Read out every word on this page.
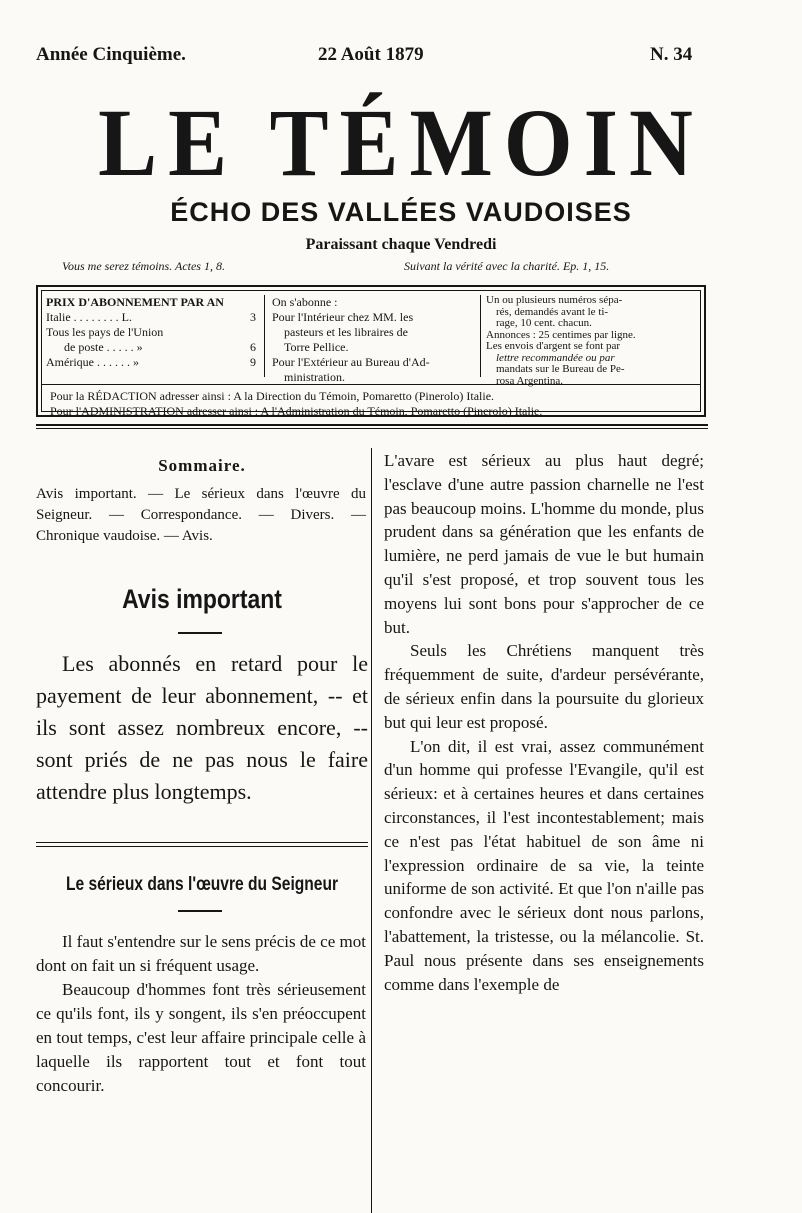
Année Cinquième.	22 Août 1879	N. 34
LE TÉMOIN
ÉCHO DES VALLÉES VAUDOISES
Paraissant chaque Vendredi
Vous me serez témoins. Actes 1, 8.	Suivant la vérité avec la charité. Ep. 1, 15.
PRIX D'ABONNEMENT PAR AN
Italie . . . . . . . . L.	3
Tous les pays de l'Union
de poste . . . . . »	6
Amérique . . . . . . »	9
On s'abonne :
Pour l'Intérieur chez MM. les
pasteurs et les libraires de
Torre Pellice.
Pour l'Extérieur au Bureau d'Ad-
ministration.
Un ou plusieurs numéros sépa-
rés, demandés avant le ti-
rage, 10 cent. chacun.
Annonces : 25 centimes par ligne.
Les envois d'argent se font par
lettre recommandée ou par
mandats sur le Bureau de Pe-
rosa Argentina.
Pour la RÉDACTION adresser ainsi : A la Direction du Témoin, Pomaretto (Pinerolo) Italie.
Pour l'ADMINISTRATION adresser ainsi : A l'Administration du Témoin, Pomaretto (Pinerolo) Italie.
Sommaire.
Avis important. — Le sérieux dans l'œuvre du Seigneur. — Correspondance. — Divers. — Chronique vaudoise. — Avis.
Avis important

Les abonnés en retard pour le payement de leur abonnement, -- et ils sont assez nombreux encore, -- sont priés de ne pas nous le faire attendre plus longtemps.

Le sérieux dans l'œuvre du Seigneur

Il faut s'entendre sur le sens précis de ce mot dont on fait un si fréquent usage.

Beaucoup d'hommes font très sérieusement ce qu'ils font, ils y songent, ils s'en préoccupent en tout temps, c'est leur affaire principale celle à laquelle ils rapportent tout et font tout concourir.

L'avare est sérieux au plus haut degré; l'esclave d'une autre passion charnelle ne l'est pas beaucoup moins. L'homme du monde, plus prudent dans sa génération que les enfants de lumière, ne perd jamais de vue le but humain qu'il s'est proposé, et trop souvent tous les moyens lui sont bons pour s'approcher de ce but.

Seuls les Chrétiens manquent très fréquemment de suite, d'ardeur persévérante, de sérieux enfin dans la poursuite du glorieux but qui leur est proposé.

L'on dit, il est vrai, assez communément d'un homme qui professe l'Evangile, qu'il est sérieux: et à certaines heures et dans certaines circonstances, il l'est incontestablement; mais ce n'est pas l'état habituel de son âme ni l'expression ordinaire de sa vie, la teinte uniforme de son activité. Et que l'on n'aille pas confondre avec le sérieux dont nous parlons, l'abattement, la tristesse, ou la mélancolie. St. Paul nous présente dans ses enseignements comme dans l'exemple de
